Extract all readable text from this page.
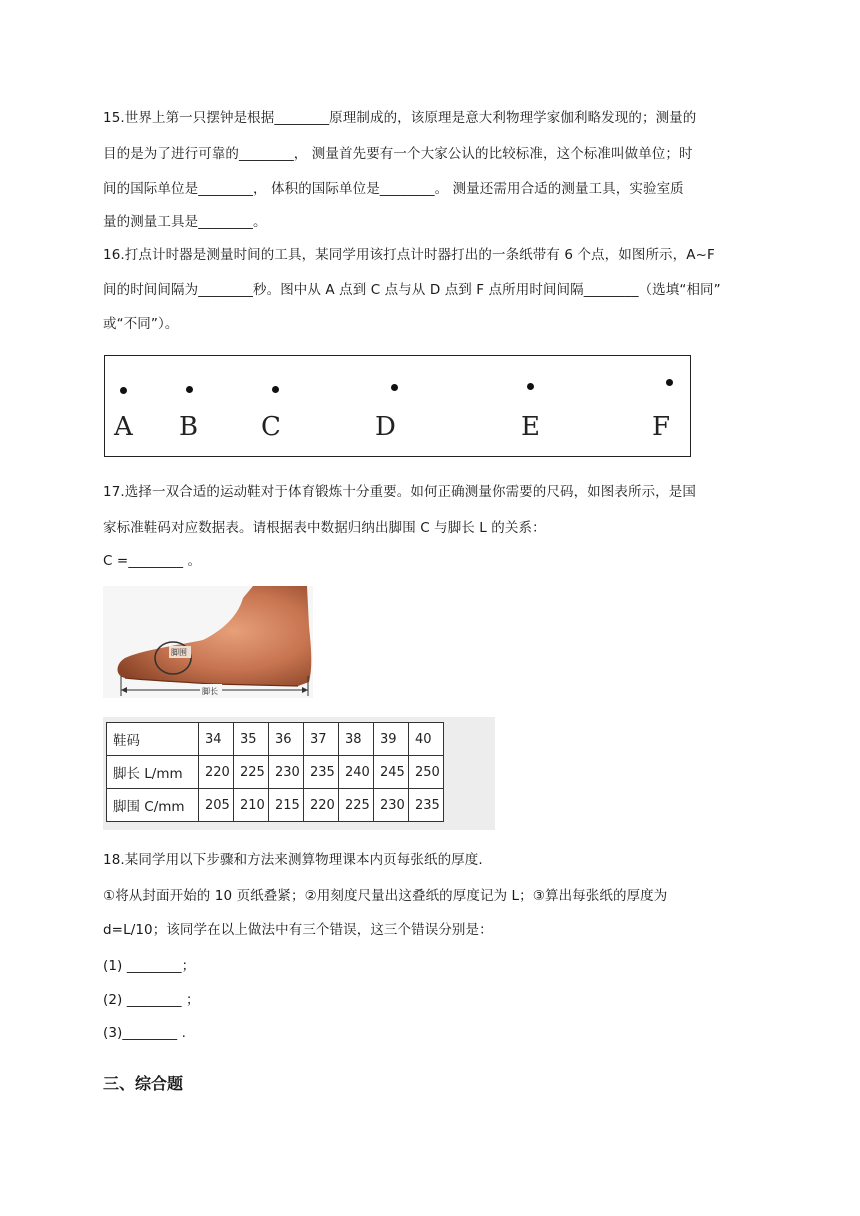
15.世界上第一只摆钟是根据________原理制成的，该原理是意大利物理学家伽利略发现的；测量的
目的是为了进行可靠的________， 测量首先要有一个大家公认的比较标准，这个标准叫做单位；时
间的国际单位是________， 体积的国际单位是________。 测量还需用合适的测量工具，实验室质
量的测量工具是________。
16.打点计时器是测量时间的工具，某同学用该打点计时器打出的一条纸带有 6 个点，如图所示，A~F
间的时间间隔为________秒。图中从 A 点到 C 点与从 D 点到 F 点所用时间间隔________（选填“相同”
或“不同”）。
A B C	D	E	F
17.选择一双合适的运动鞋对于体育锻炼十分重要。如何正确测量你需要的尺码，如图表所示，是国
家标准鞋码对应数据表。请根据表中数据归纳出脚围 C 与脚长 L 的关系：
C =________ 。
脚围
脚长
鞋码	34	35	36	37	38	39	40
脚长 L/mm	220	225	230	235	240	245	250
脚围 C/mm	205	210	215	220	225	230	235
18.某同学用以下步骤和方法来测算物理课本内页每张纸的厚度.
①将从封面开始的 10 页纸叠紧；②用刻度尺量出这叠纸的厚度记为 L；③算出每张纸的厚度为
d=L/10；该同学在以上做法中有三个错误，这三个错误分别是：
(1) ________；
(2) ________ ；
(3)________ .
三、综合题
